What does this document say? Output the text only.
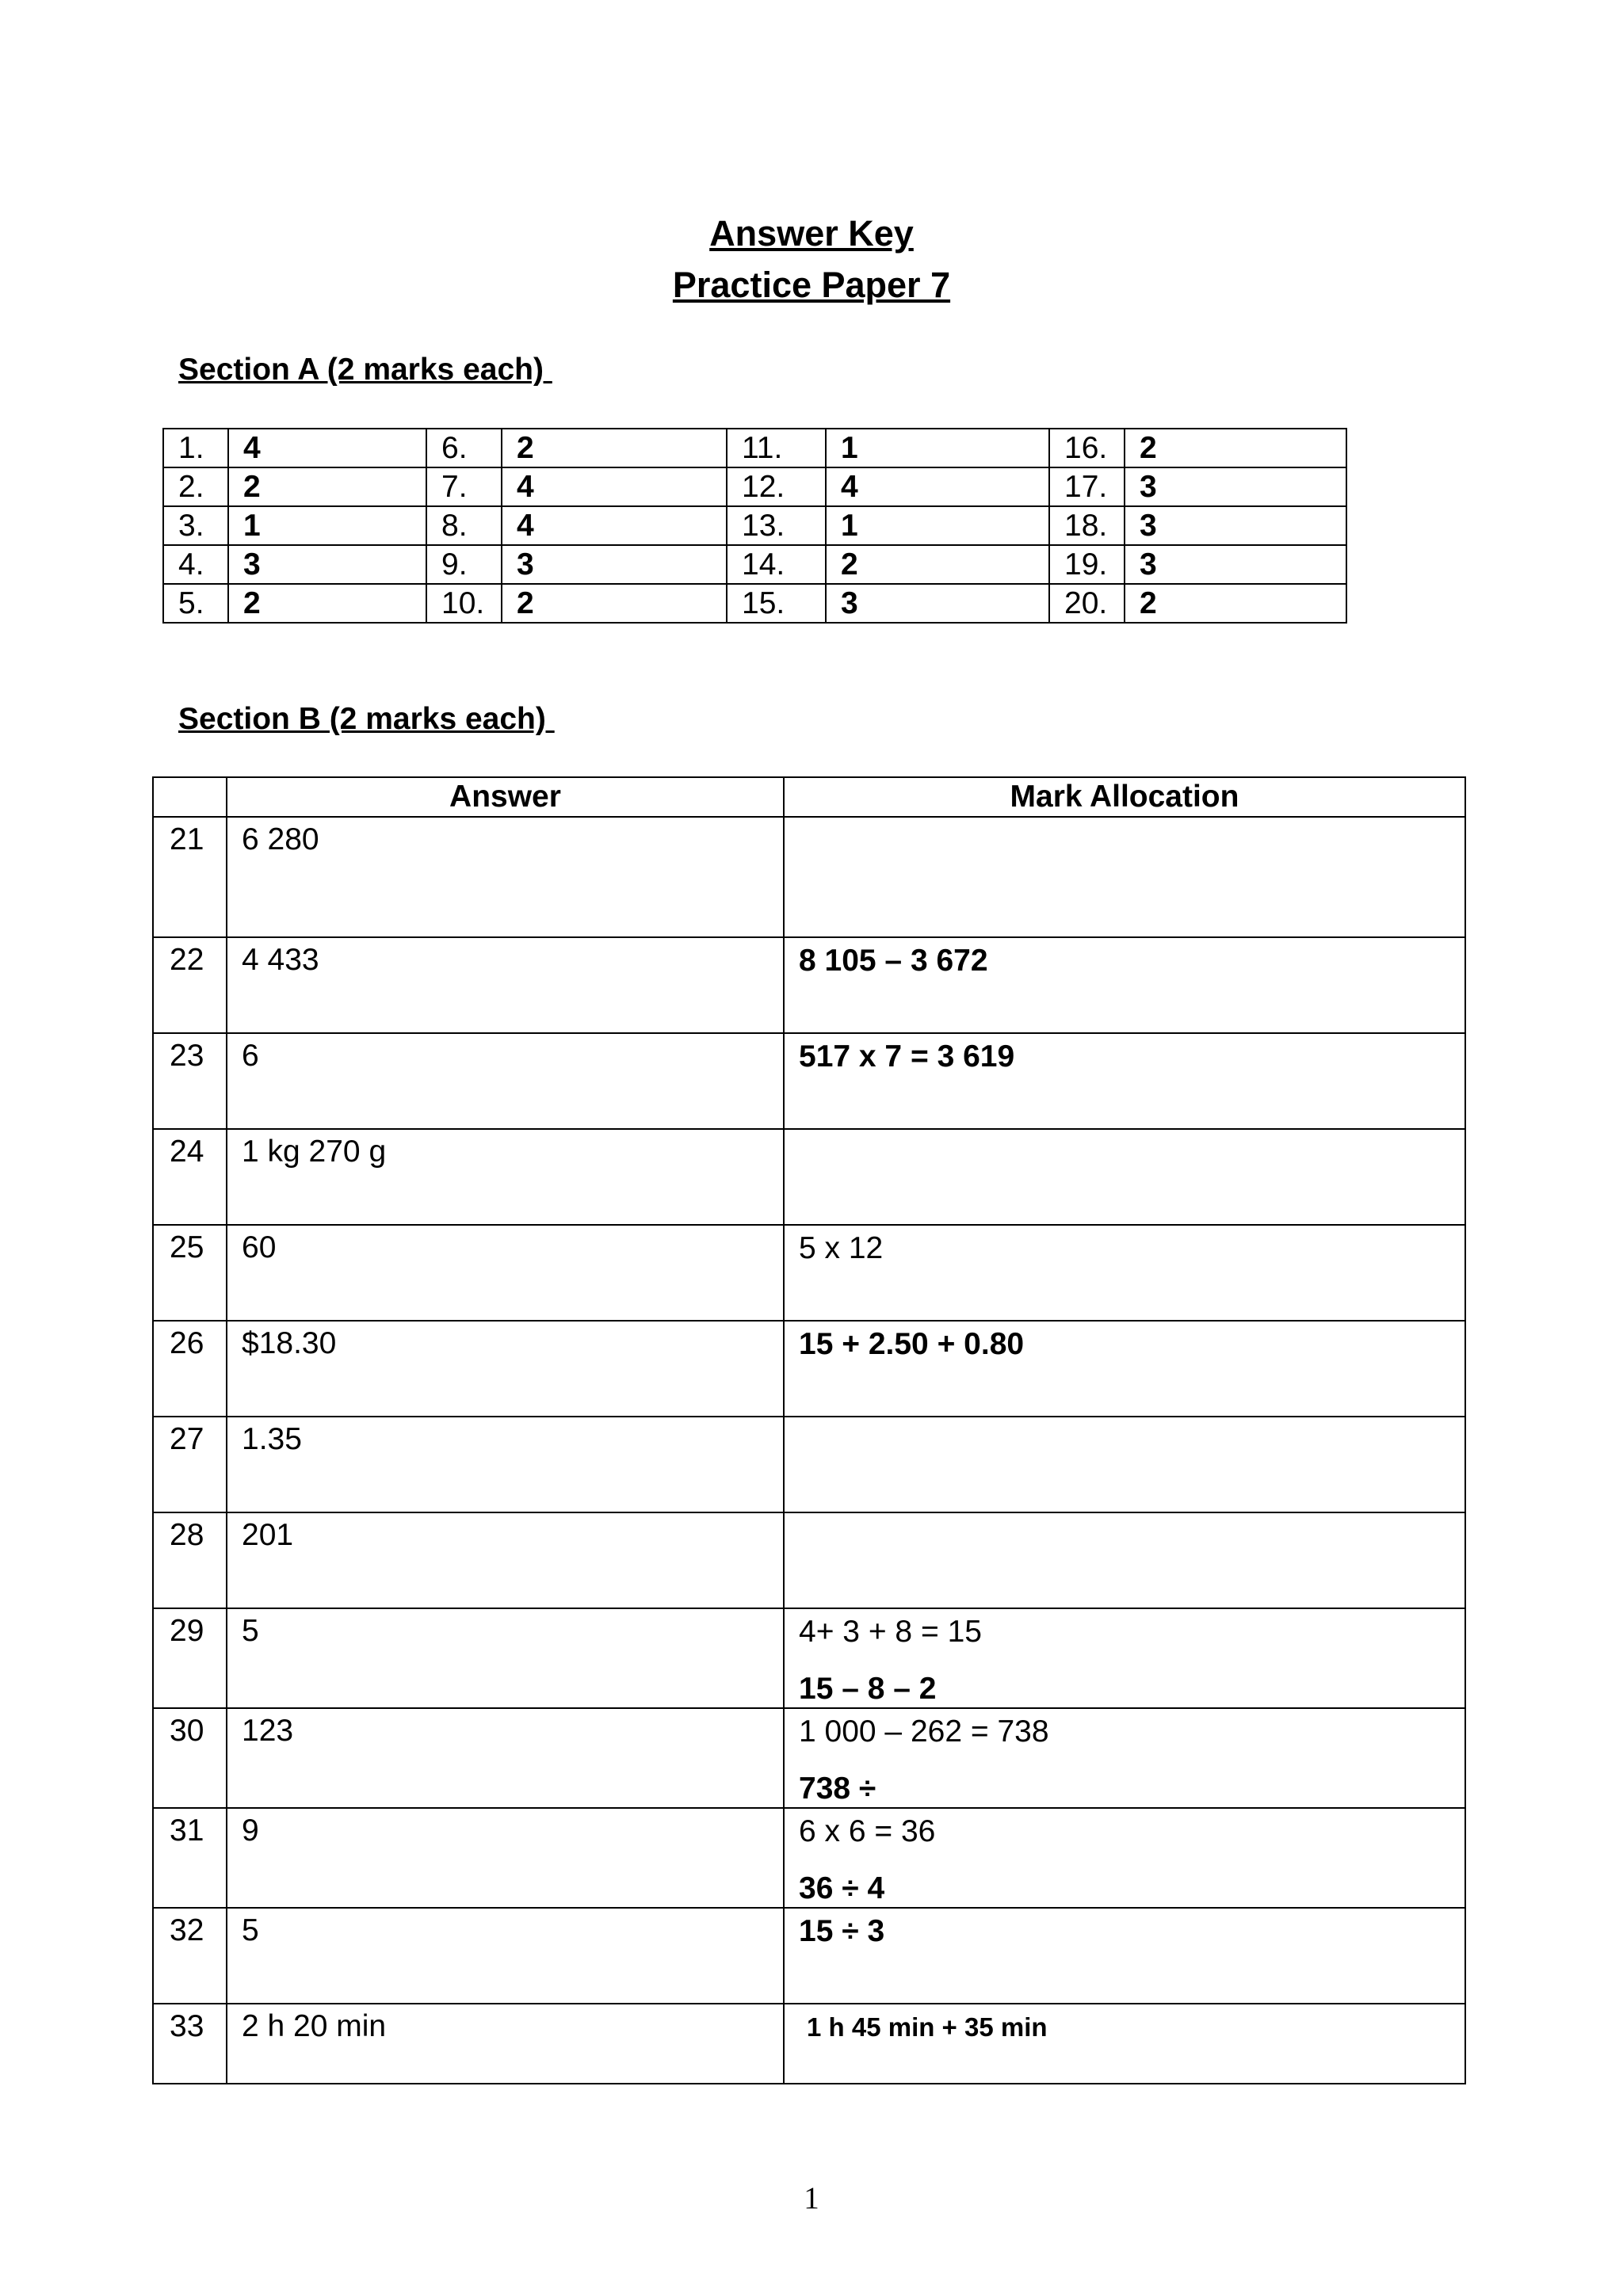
Answer Key
Practice Paper 7
Section A (2 marks each)
1.	4	6.	2	11.	1	16.	2
2.	2	7.	4	12.	4	17.	3
3.	1	8.	4	13.	1	18.	3
4.	3	9.	3	14.	2	19.	3
5.	2	10.	2	15.	3	20.	2
Section B (2 marks each)
	Answer	Mark Allocation
21	6 280	
22	4 433	8 105 – 3 672

23	6	517 x 7 = 3 619

24	1 kg 270 g	
25	60	5 x 12

26	$18.30	15 + 2.50 + 0.80

27	1.35	
28	201	
29	5	4+ 3 + 8 = 15
15 – 8 – 2

30	123	1 000 – 262 = 738
738 ÷

31	9	6 x 6 = 36
36 ÷ 4

32	5	15 ÷ 3

33	2 h 20 min	1 h 45 min + 35 min
1
